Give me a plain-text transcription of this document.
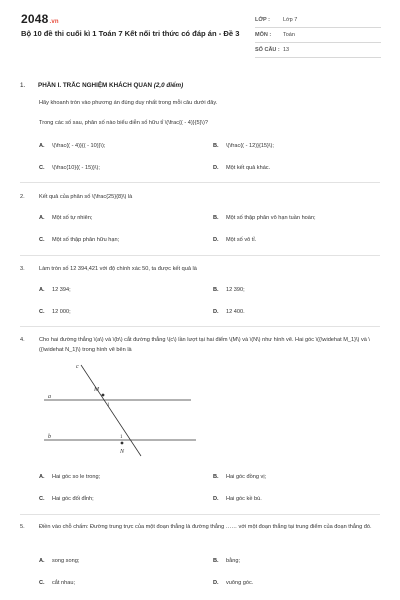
2048.vn
Bộ 10 đề thi cuối kì 1 Toán 7 Kết nối tri thức có đáp án - Đề 3
LỚP :	Lớp 7
MÔN :	Toán
SỐ CÂU : 13
1. PHẦN I. TRẮC NGHIỆM KHÁCH QUAN (2,0 điểm)
Hãy khoanh tròn vào phương án đúng duy nhất trong mỗi câu dưới đây.
Trong các số sau, phân số nào biểu diễn số hữu tỉ \(\frac{( - 4)}{5}\)?
A. \(\frac{( - 4)}{( - 10)}\);	B. \(\frac{( - 12)}{15}\);
C. \(\frac{10}{( - 15)}\);	D. Một kết quả khác.
2.	Kết quả của phân số \(\frac{25}{8}\) là
A. Một số tự nhiên;	B. Một số thập phân vô hạn tuần hoàn;
C. Một số thập phân hữu hạn;	D. Một số vô tỉ.
3.	Làm tròn số 12 394,421 với độ chính xác 50, ta được kết quả là
A. 12 394;	B. 12 390;
C. 12 000;	D. 12 400.
4.	Cho hai đường thẳng \(a\) và \(b\) cắt đường thẳng \(c\) lần lượt tại hai điểm \(M\) và \(N\) như hình vẽ. Hai góc \({\widehat M_1}\) và \({\widehat N_1}\) trong hình vẽ bên là
c
a
b
M
1
1
N
A. Hai góc so le trong;	B. Hai góc đồng vị;
C. Hai góc đối đỉnh;	D. Hai góc kề bù.
5.	Điền vào chỗ chấm: Đường trung trực của một đoạn thẳng là đường thẳng …… với một đoạn thẳng tại trung điểm của đoạn thẳng đó.
A. song song;	B. bằng;
C. cắt nhau;	D. vuông góc.
